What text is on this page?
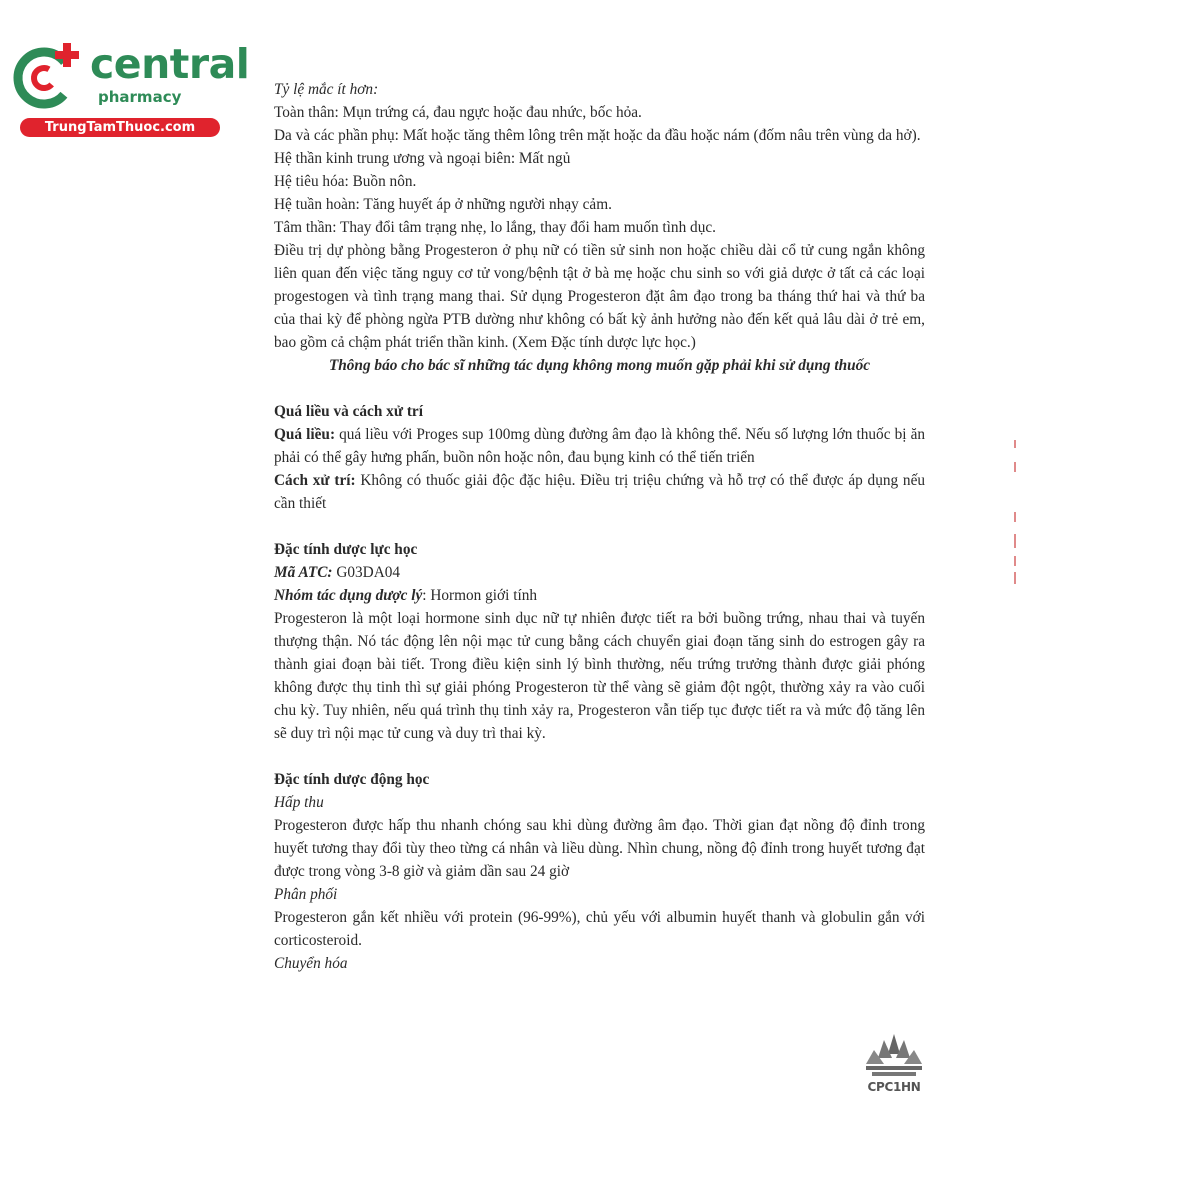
central
pharmacy
TrungTamThuoc.com

Tỷ lệ mắc ít hơn:

Toàn thân: Mụn trứng cá, đau ngực hoặc đau nhức, bốc hỏa.

Da và các phần phụ: Mất hoặc tăng thêm lông trên mặt hoặc da đầu hoặc nám (đốm nâu trên vùng da hở).

Hệ thần kinh trung ương và ngoại biên: Mất ngủ

Hệ tiêu hóa: Buồn nôn.

Hệ tuần hoàn: Tăng huyết áp ở những người nhạy cảm.

Tâm thần: Thay đổi tâm trạng nhẹ, lo lắng, thay đổi ham muốn tình dục.

Điều trị dự phòng bằng Progesteron ở phụ nữ có tiền sử sinh non hoặc chiều dài cổ tử cung ngắn không liên quan đến việc tăng nguy cơ tử vong/bệnh tật ở bà mẹ hoặc chu sinh so với giả dược ở tất cả các loại progestogen và tình trạng mang thai. Sử dụng Progesteron đặt âm đạo trong ba tháng thứ hai và thứ ba của thai kỳ để phòng ngừa PTB dường như không có bất kỳ ảnh hưởng nào đến kết quả lâu dài ở trẻ em, bao gồm cả chậm phát triển thần kinh. (Xem Đặc tính dược lực học.)

Thông báo cho bác sĩ những tác dụng không mong muốn gặp phải khi sử dụng thuốc

Quá liều và cách xử trí

Quá liều: quá liều với Proges sup 100mg dùng đường âm đạo là không thể. Nếu số lượng lớn thuốc bị ăn phải có thể gây hưng phấn, buồn nôn hoặc nôn, đau bụng kinh có thể tiến triển

Cách xử trí: Không có thuốc giải độc đặc hiệu. Điều trị triệu chứng và hỗ trợ có thể được áp dụng nếu cần thiết

Đặc tính dược lực học

Mã ATC: G03DA04

Nhóm tác dụng dược lý: Hormon giới tính

Progesteron là một loại hormone sinh dục nữ tự nhiên được tiết ra bởi buồng trứng, nhau thai và tuyến thượng thận. Nó tác động lên nội mạc tử cung bằng cách chuyển giai đoạn tăng sinh do estrogen gây ra thành giai đoạn bài tiết. Trong điều kiện sinh lý bình thường, nếu trứng trưởng thành được giải phóng không được thụ tinh thì sự giải phóng Progesteron từ thể vàng sẽ giảm đột ngột, thường xảy ra vào cuối chu kỳ. Tuy nhiên, nếu quá trình thụ tinh xảy ra, Progesteron vẫn tiếp tục được tiết ra và mức độ tăng lên sẽ duy trì nội mạc tử cung và duy trì thai kỳ.

Đặc tính dược động học

Hấp thu

Progesteron được hấp thu nhanh chóng sau khi dùng đường âm đạo. Thời gian đạt nồng độ đỉnh trong huyết tương thay đổi tùy theo từng cá nhân và liều dùng. Nhìn chung, nồng độ đỉnh trong huyết tương đạt được trong vòng 3-8 giờ và giảm dần sau 24 giờ

Phân phối

Progesteron gắn kết nhiều với protein (96-99%), chủ yếu với albumin huyết thanh và globulin gắn với corticosteroid.

Chuyển hóa

CPC1HN
